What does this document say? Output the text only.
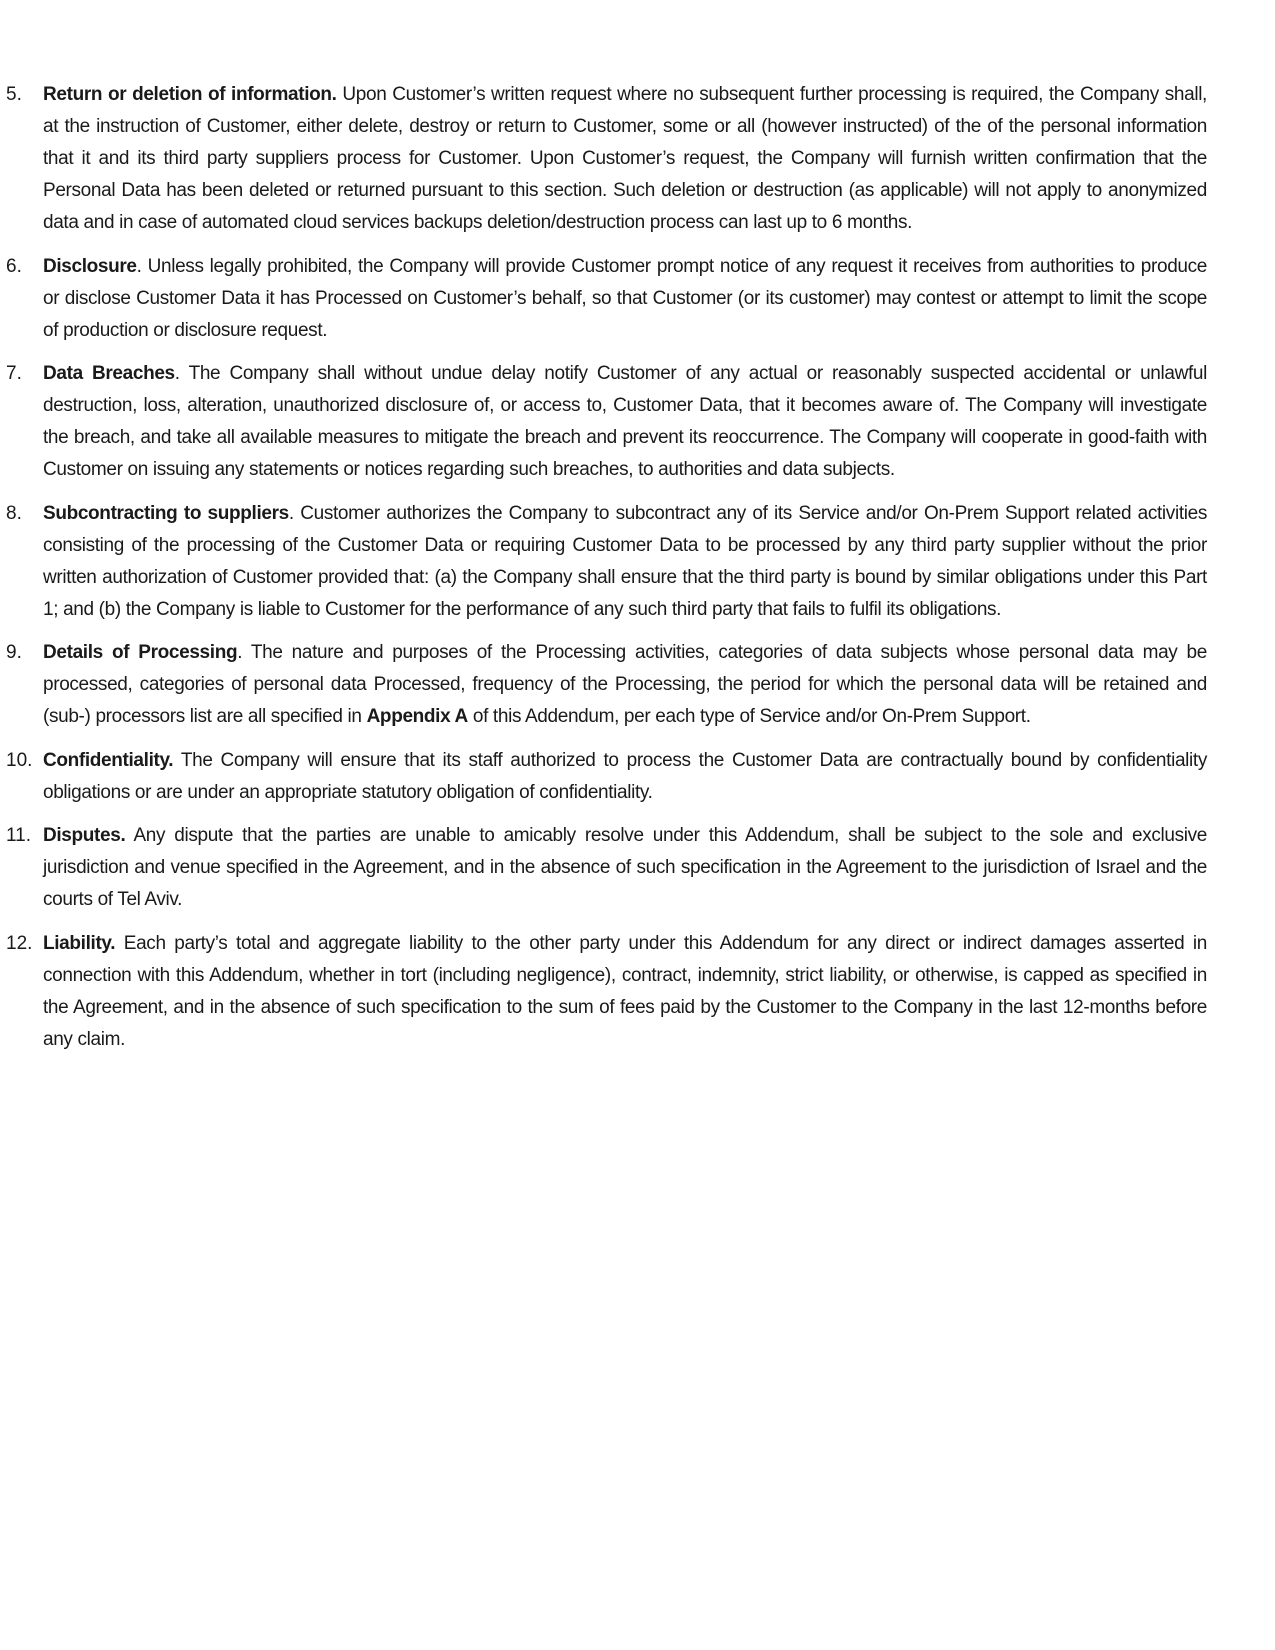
5. Return or deletion of information. Upon Customer’s written request where no subsequent further processing is required, the Company shall, at the instruction of Customer, either delete, destroy or return to Customer, some or all (however instructed) of the of the personal information that it and its third party suppliers process for Customer. Upon Customer’s request, the Company will furnish written confirmation that the Personal Data has been deleted or returned pursuant to this section. Such deletion or destruction (as applicable) will not apply to anonymized data and in case of automated cloud services backups deletion/destruction process can last up to 6 months.
6. Disclosure. Unless legally prohibited, the Company will provide Customer prompt notice of any request it receives from authorities to produce or disclose Customer Data it has Processed on Customer’s behalf, so that Customer (or its customer) may contest or attempt to limit the scope of production or disclosure request.
7. Data Breaches. The Company shall without undue delay notify Customer of any actual or reasonably suspected accidental or unlawful destruction, loss, alteration, unauthorized disclosure of, or access to, Customer Data, that it becomes aware of. The Company will investigate the breach, and take all available measures to mitigate the breach and prevent its reoccurrence. The Company will cooperate in good-faith with Customer on issuing any statements or notices regarding such breaches, to authorities and data subjects.
8. Subcontracting to suppliers. Customer authorizes the Company to subcontract any of its Service and/or On-Prem Support related activities consisting of the processing of the Customer Data or requiring Customer Data to be processed by any third party supplier without the prior written authorization of Customer provided that: (a) the Company shall ensure that the third party is bound by similar obligations under this Part 1; and (b) the Company is liable to Customer for the performance of any such third party that fails to fulfil its obligations.
9. Details of Processing. The nature and purposes of the Processing activities, categories of data subjects whose personal data may be processed, categories of personal data Processed, frequency of the Processing, the period for which the personal data will be retained and (sub-) processors list are all specified in Appendix A of this Addendum, per each type of Service and/or On-Prem Support.
10. Confidentiality. The Company will ensure that its staff authorized to process the Customer Data are contractually bound by confidentiality obligations or are under an appropriate statutory obligation of confidentiality.
11. Disputes. Any dispute that the parties are unable to amicably resolve under this Addendum, shall be subject to the sole and exclusive jurisdiction and venue specified in the Agreement, and in the absence of such specification in the Agreement to the jurisdiction of Israel and the courts of Tel Aviv.
12. Liability. Each party’s total and aggregate liability to the other party under this Addendum for any direct or indirect damages asserted in connection with this Addendum, whether in tort (including negligence), contract, indemnity, strict liability, or otherwise, is capped as specified in the Agreement, and in the absence of such specification to the sum of fees paid by the Customer to the Company in the last 12-months before any claim.
